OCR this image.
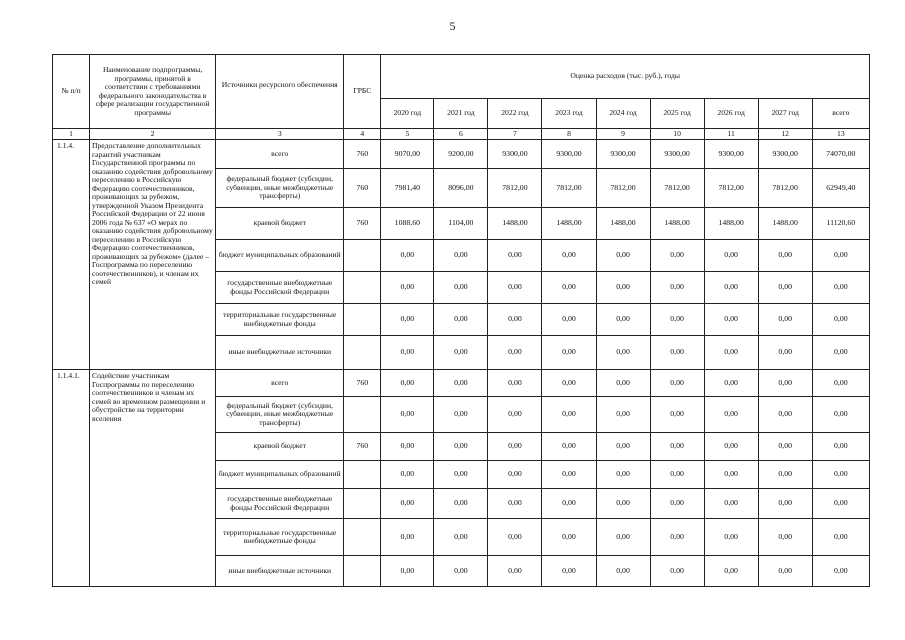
5
№ п/п	Наименование подпрограммы, программы, принятой в соответствии с требованиями федерального законодательства в сфере реализации государственной программы	Источники ресурсного обеспечения	ГРБС	Оценка расходов (тыс. руб.), годы								
				2020 год	2021 год	2022 год	2023 год	2024 год	2025 год	2026 год	2027 год	всего
1	2	3	4	5	6	7	8	9	10	11	12	13
1.1.4.	Предоставление дополнительных гарантий участникам Государственной программы по оказанию содействия добровольному переселению в Российскую Федерацию соотечественников, проживающих за рубежом, утвержденной Указом Президента Российской Федерации от 22 июня 2006 года № 637 «О мерах по оказанию содействия добровольному переселению в Российскую Федерацию соотечественников, проживающих за рубежом» (далее – Госпрограмма по переселению соотечественников), и членам их семей	всего	760	9070,00	9200,00	9300,00	9300,00	9300,00	9300,00	9300,00	9300,00	74070,00
		федеральный бюджет (субсидии, субвенции, иные межбюджетные трансферты)	760	7981,40	8096,00	7812,00	7812,00	7812,00	7812,00	7812,00	7812,00	62949,40
		краевой бюджет	760	1088,60	1104,00	1488,00	1488,00	1488,00	1488,00	1488,00	1488,00	11120,60
		бюджет муниципальных образований		0,00	0,00	0,00	0,00	0,00	0,00	0,00	0,00	0,00
		государственные внебюджетные фонды Российской Федерации		0,00	0,00	0,00	0,00	0,00	0,00	0,00	0,00	0,00
		территориальные государственные внебюджетные фонды		0,00	0,00	0,00	0,00	0,00	0,00	0,00	0,00	0,00
		иные внебюджетные источники		0,00	0,00	0,00	0,00	0,00	0,00	0,00	0,00	0,00
1.1.4.1.	Содействие участникам Госпрограммы по переселению соотечественников и членам их семей во временном размещении и обустройстве на территории вселения	всего	760	0,00	0,00	0,00	0,00	0,00	0,00	0,00	0,00	0,00
		федеральный бюджет (субсидии, субвенции, иные межбюджетные трансферты)		0,00	0,00	0,00	0,00	0,00	0,00	0,00	0,00	0,00
		краевой бюджет	760	0,00	0,00	0,00	0,00	0,00	0,00	0,00	0,00	0,00
		бюджет муниципальных образований		0,00	0,00	0,00	0,00	0,00	0,00	0,00	0,00	0,00
		государственные внебюджетные фонды Российской Федерации		0,00	0,00	0,00	0,00	0,00	0,00	0,00	0,00	0,00
		территориальные государственные внебюджетные фонды		0,00	0,00	0,00	0,00	0,00	0,00	0,00	0,00	0,00
		иные внебюджетные источники		0,00	0,00	0,00	0,00	0,00	0,00	0,00	0,00	0,00
